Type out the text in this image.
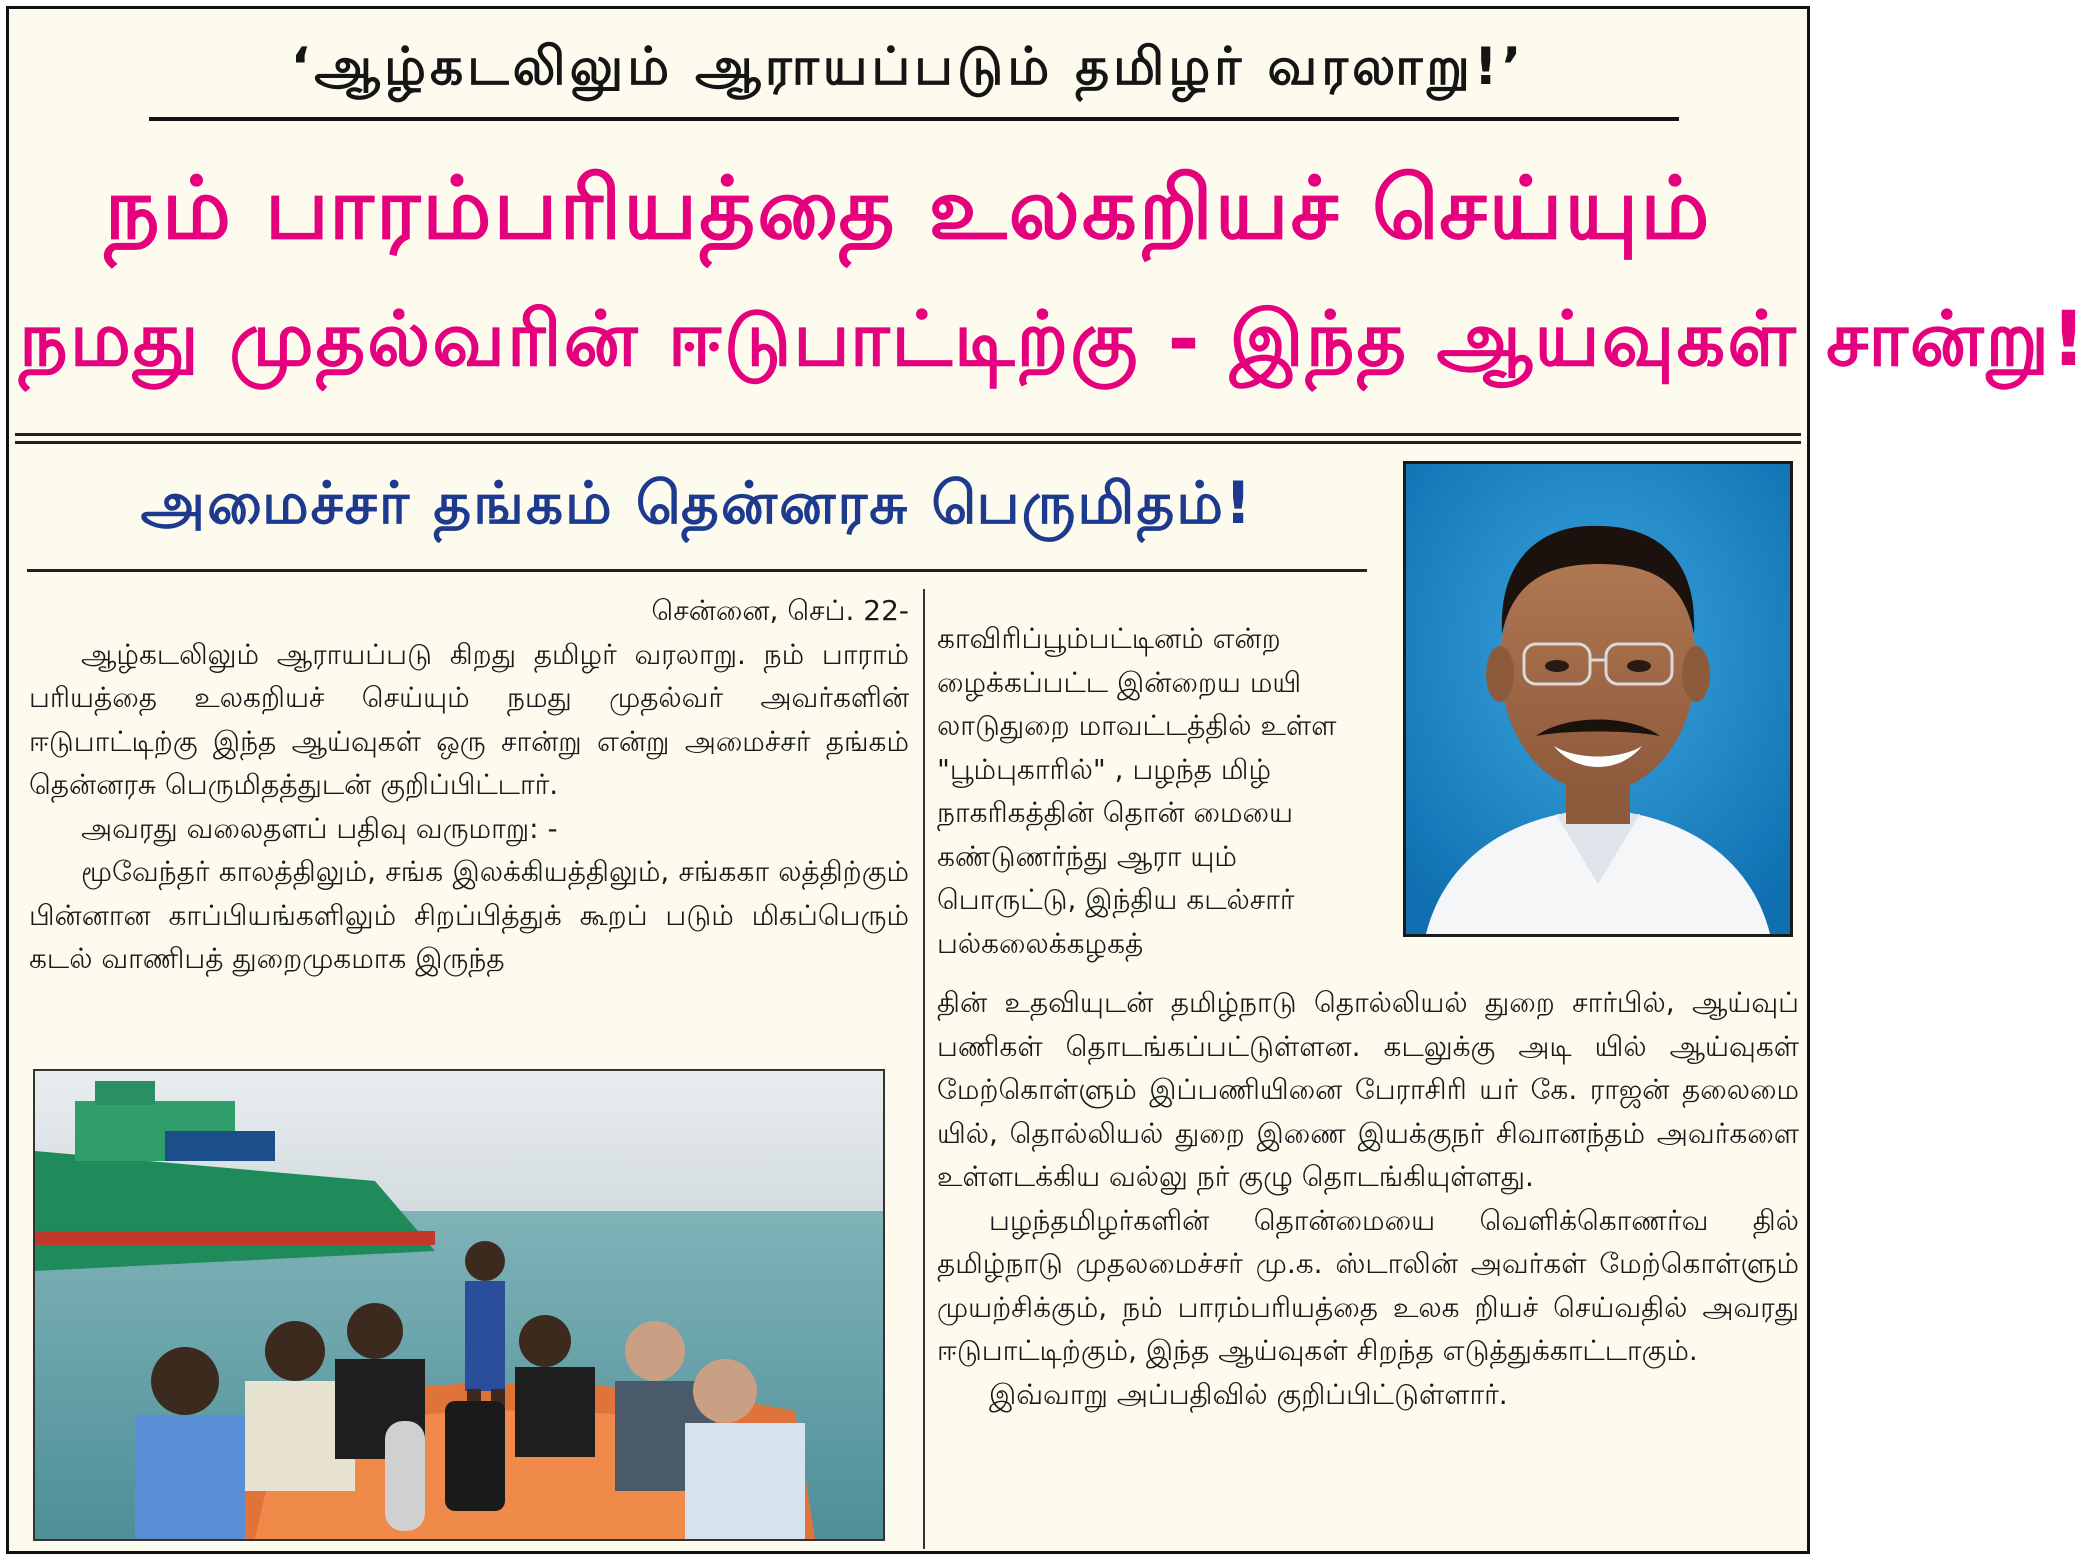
‘ஆழ்கடலிலும் ஆராயப்படும் தமிழர் வரலாறு!’
நம் பாரம்பரியத்தை உலகறியச் செய்யும்
நமது முதல்வரின் ஈடுபாட்டிற்கு - இந்த ஆய்வுகள் சான்று!
அமைச்சர் தங்கம் தென்னரசு பெருமிதம்!

சென்னை, செப். 22-

ஆழ்கடலிலும் ஆராயப்படு கிறது தமிழர் வரலாறு. நம் பாராம் பரியத்தை உலகறியச் செய்யும் நமது முதல்வர் அவர்களின் ஈடுபாட்டிற்கு இந்த ஆய்வுகள் ஒரு சான்று என்று அமைச்சர் தங்கம் தென்னரசு பெருமிதத்துடன் குறிப்பிட்டார்.

அவரது வலைதளப் பதிவு வருமாறு: -

மூவேந்தர் காலத்திலும், சங்க இலக்கியத்திலும், சங்ககா லத்திற்கும் பின்னான காப்பியங்களிலும் சிறப்பித்துக் கூறப் படும் மிகப்பெரும் கடல் வாணிபத் துறைமுகமாக இருந்த

காவிரிப்பூம்பட்டினம் என்ற ழைக்கப்பட்ட இன்றைய மயி லாடுதுறை மாவட்டத்தில் உள்ள "பூம்புகாரில்" , பழந்த மிழ் நாகரிகத்தின் தொன் மையை கண்டுணர்ந்து ஆரா யும் பொருட்டு, இந்திய கடல்சார் பல்கலைக்கழகத்

தின் உதவியுடன் தமிழ்நாடு தொல்லியல் துறை சார்பில், ஆய்வுப் பணிகள் தொடங்கப்பட்டுள்ளன. கடலுக்கு அடி யில் ஆய்வுகள் மேற்கொள்ளும் இப்பணியினை பேராசிரி யர் கே. ராஜன் தலைமை யில், தொல்லியல் துறை இணை இயக்குநர் சிவானந்தம் அவர்களை உள்ளடக்கிய வல்லு நர் குழு தொடங்கியுள்ளது.

பழந்தமிழர்களின் தொன்மையை வெளிக்கொணர்வ தில் தமிழ்நாடு முதலமைச்சர் மு.க. ஸ்டாலின் அவர்கள் மேற்கொள்ளும் முயற்சிக்கும், நம் பாரம்பரியத்தை உலக றியச் செய்வதில் அவரது ஈடுபாட்டிற்கும், இந்த ஆய்வுகள் சிறந்த எடுத்துக்காட்டாகும்.

இவ்வாறு அப்பதிவில் குறிப்பிட்டுள்ளார்.
